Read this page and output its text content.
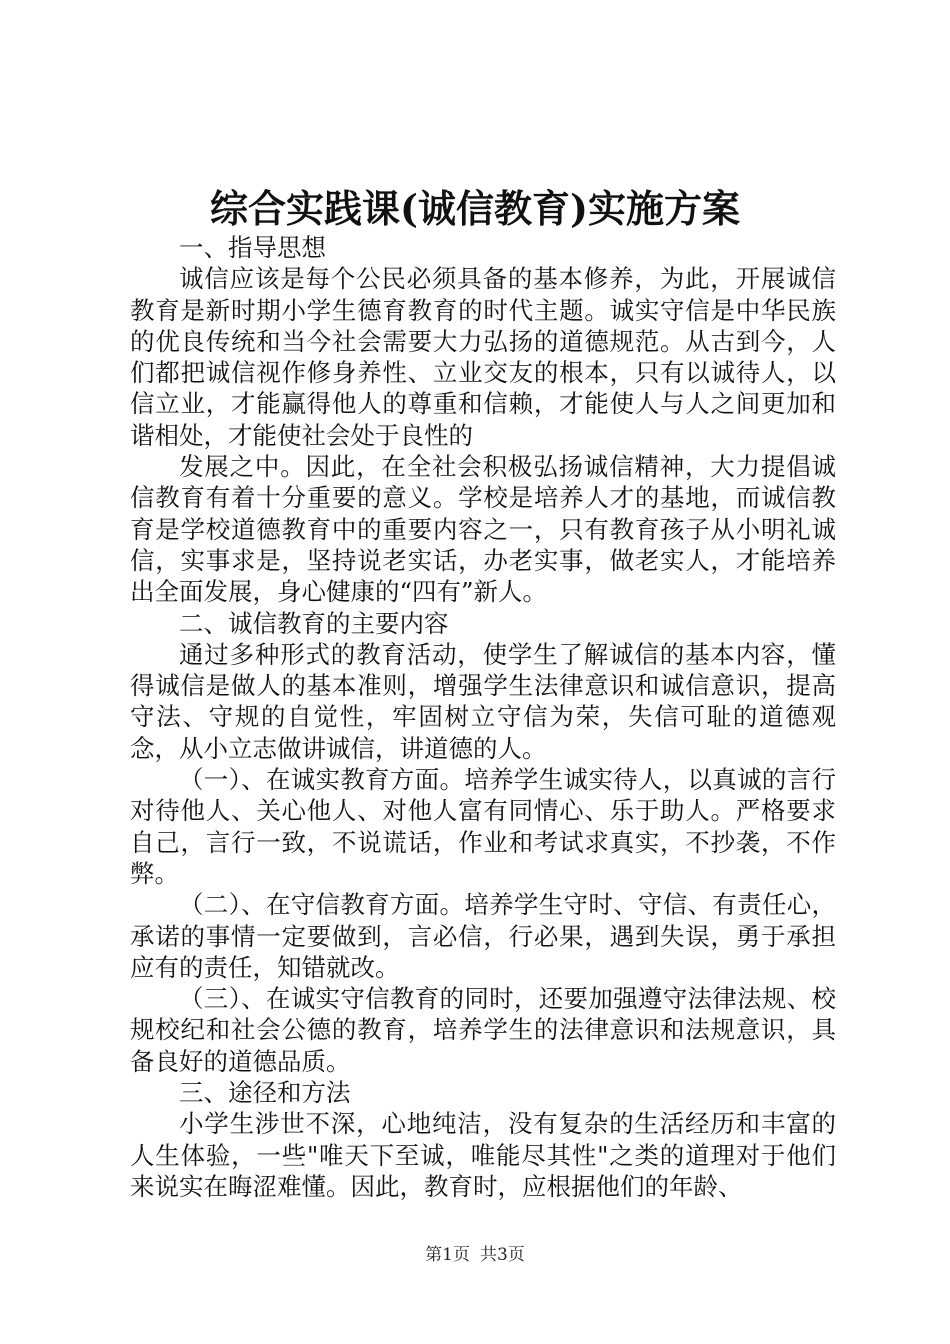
综合实践课(诚信教育)实施方案

一、指导思想

诚信应该是每个公民必须具备的基本修养，为此，开展诚信教育是新时期小学生德育教育的时代主题。诚实守信是中华民族的优良传统和当今社会需要大力弘扬的道德规范。从古到今，人们都把诚信视作修身养性、立业交友的根本，只有以诚待人，以信立业，才能赢得他人的尊重和信赖，才能使人与人之间更加和谐相处，才能使社会处于良性的

发展之中。因此，在全社会积极弘扬诚信精神，大力提倡诚信教育有着十分重要的意义。学校是培养人才的基地，而诚信教育是学校道德教育中的重要内容之一，只有教育孩子从小明礼诚信，实事求是，坚持说老实话，办老实事，做老实人，才能培养出全面发展，身心健康的“四有”新人。

二、诚信教育的主要内容

通过多种形式的教育活动，使学生了解诚信的基本内容，懂得诚信是做人的基本准则，增强学生法律意识和诚信意识，提高守法、守规的自觉性，牢固树立守信为荣，失信可耻的道德观念，从小立志做讲诚信，讲道德的人。

（一）、在诚实教育方面。培养学生诚实待人，以真诚的言行对待他人、关心他人、对他人富有同情心、乐于助人。严格要求自己，言行一致，不说谎话，作业和考试求真实，不抄袭，不作弊。

（二）、在守信教育方面。培养学生守时、守信、有责任心，承诺的事情一定要做到，言必信，行必果，遇到失误，勇于承担应有的责任，知错就改。

（三）、在诚实守信教育的同时，还要加强遵守法律法规、校规校纪和社会公德的教育，培养学生的法律意识和法规意识，具备良好的道德品质。

三、途径和方法

小学生涉世不深，心地纯洁，没有复杂的生活经历和丰富的人生体验，一些"唯天下至诚，唯能尽其性"之类的道理对于他们来说实在晦涩难懂。因此，教育时，应根据他们的年龄、

第1页 共3页
